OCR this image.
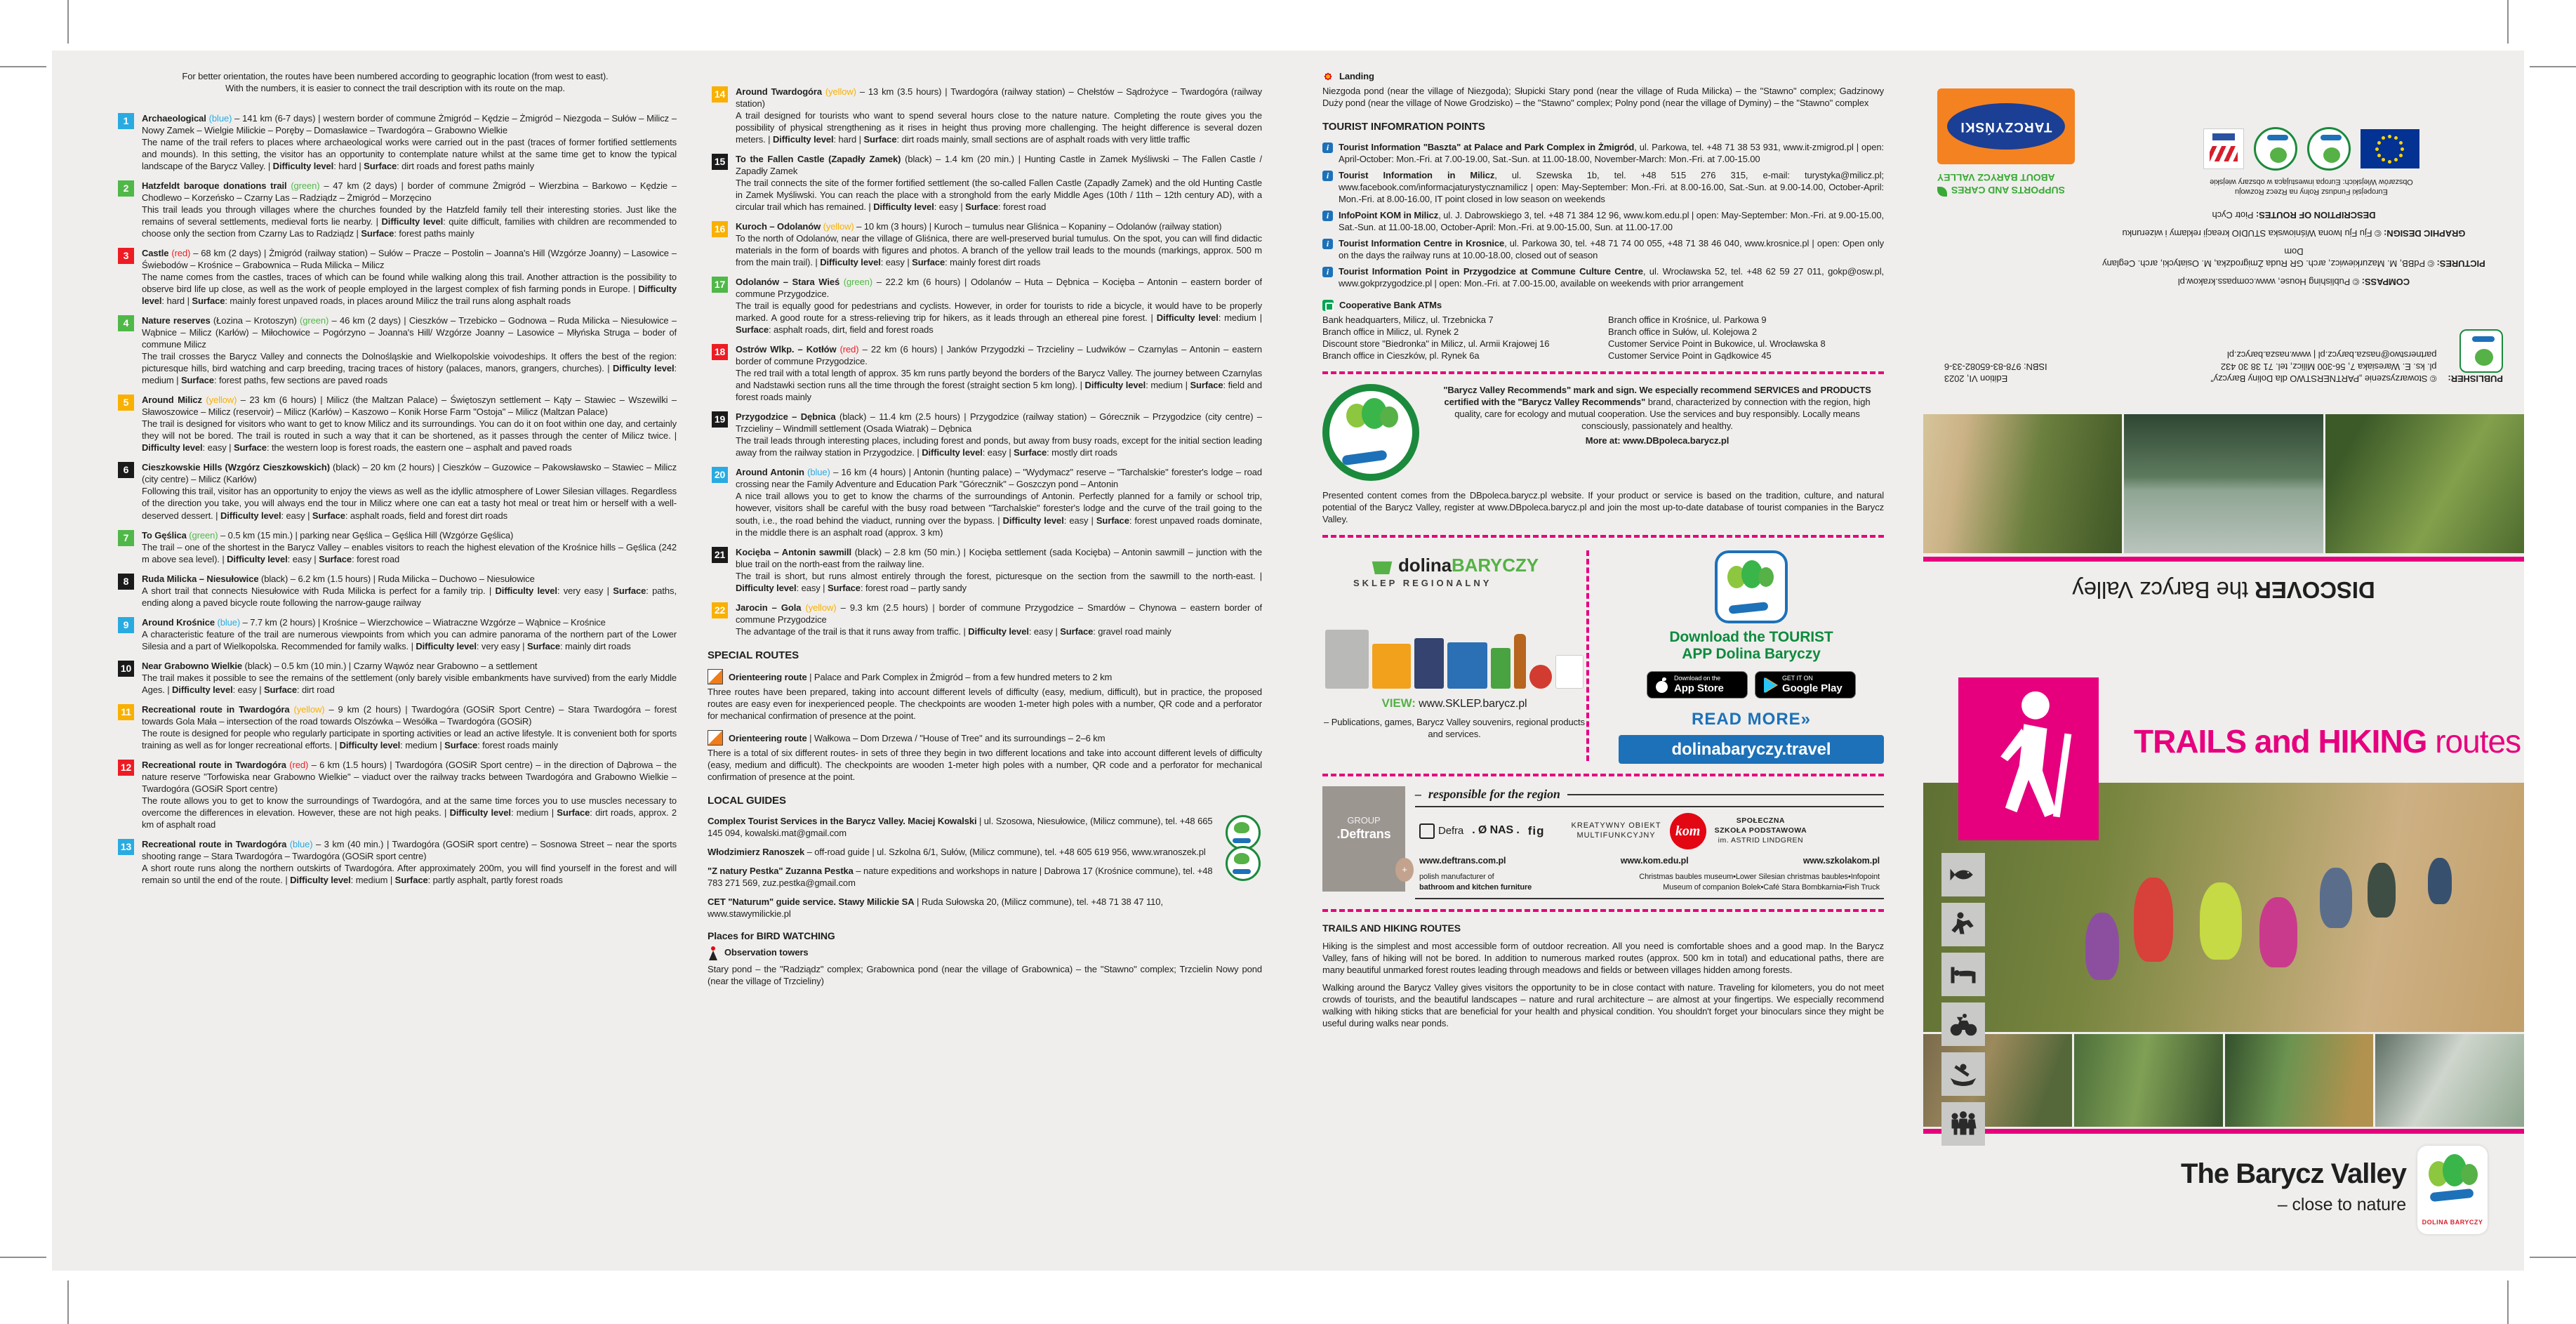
For better orientation, the routes have been numbered according to geographic location (from west to east).
With the numbers, it is easier to connect the trail description with its route on the map.
1	Archaeological (blue) – 141 km (6-7 days) | western border of commune Żmigród – Kędzie – Żmigród – Niezgoda – Sułów – Milicz – Nowy Zamek – Wielgie Milickie – Poręby – Domasławice – Twardogóra – Grabowno Wielkie
The name of the trail refers to places where archaeological works were carried out in the past (traces of former fortified settlements and mounds). In this setting, the visitor has an opportunity to contemplate nature whilst at the same time get to know the typical landscape of the Barycz Valley. | Difficulty level: hard | Surface: dirt roads and forest paths mainly
2	Hatzfeldt baroque donations trail (green) – 47 km (2 days) | border of commune Żmigród – Wierzbina – Barkowo – Kędzie – Chodlewo – Korzeńsko – Czarny Las – Radziądz – Żmigród – Morzęcino
This trail leads you through villages where the churches founded by the Hatzfeld family tell their interesting stories. Just like the remains of several settlements, medieval forts lie nearby. | Difficulty level: quite difficult, families with children are recommended to choose only the section from Czarny Las to Radziądz | Surface: forest paths mainly
3	Castle (red) – 68 km (2 days) | Żmigród (railway station) – Sułów – Pracze – Postolin – Joanna's Hill (Wzgórze Joanny) – Lasowice – Świebodów – Krośnice – Grabownica – Ruda Milicka – Milicz
The name comes from the castles, traces of which can be found while walking along this trail. Another attraction is the possibility to observe bird life up close, as well as the work of people employed in the largest complex of fish farming ponds in Europe. | Difficulty level: hard | Surface: mainly forest unpaved roads, in places around Milicz the trail runs along asphalt roads
4	Nature reserves (Łozina – Krotoszyn) (green) – 46 km (2 days) | Cieszków – Trzebicko – Godnowa – Ruda Milicka – Niesułowice – Wąbnice – Milicz (Karłów) – Miłochowice – Pogórzyno – Joanna's Hill/ Wzgórze Joanny – Lasowice – Młyńska Struga – boder of commune Milicz
The trail crosses the Barycz Valley and connects the Dolnośląskie and Wielkopolskie voivodeships. It offers the best of the region: picturesque hills, bird watching and carp breeding, tracing traces of history (palaces, manors, grangers, churches). | Difficulty level: medium | Surface: forest paths, few sections are paved roads
5	Around Milicz (yellow) – 23 km (6 hours) | Milicz (the Maltzan Palace) – Świętoszyn settlement – Kąty – Stawiec – Wszewilki – Sławoszowice – Milicz (reservoir) – Milicz (Karłów) – Kaszowo – Konik Horse Farm "Ostoja" – Milicz (Maltzan Palace)
The trail is designed for visitors who want to get to know Milicz and its surroundings. You can do it on foot within one day, and certainly they will not be bored. The trail is routed in such a way that it can be shortened, as it passes through the center of Milicz twice. | Difficulty level: easy | Surface: the western loop is forest roads, the eastern one – asphalt and paved roads
6	Cieszkowskie Hills (Wzgórz Cieszkowskich) (black) – 20 km (2 hours) | Cieszków – Guzowice – Pakowsławsko – Stawiec – Milicz (city centre) – Milicz (Karłów)
Following this trail, visitor has an opportunity to enjoy the views as well as the idyllic atmosphere of Lower Silesian villages. Regardless of the direction you take, you will always end the tour in Milicz where one can eat a tasty hot meal or treat him or herself with a well-deserved dessert. | Difficulty level: easy | Surface: asphalt roads, field and forest dirt roads
7	To Gęślica (green) – 0.5 km (15 min.) | parking near Gęślica – Gęślica Hill (Wzgórze Gęślica)
The trail – one of the shortest in the Barycz Valley – enables visitors to reach the highest elevation of the Krośnice hills – Gęślica (242 m above sea level). | Difficulty level: easy | Surface: forest road
8	Ruda Milicka – Niesułowice (black) – 6.2 km (1.5 hours) | Ruda Milicka – Duchowo – Niesułowice
A short trail that connects Niesułowice with Ruda Milicka is perfect for a family trip. | Difficulty level: very easy | Surface: paths, ending along a paved bicycle route following the narrow-gauge railway
9	Around Krośnice (blue) – 7.7 km (2 hours) | Krośnice – Wierzchowice – Wiatraczne Wzgórze – Wąbnice – Krośnice
A characteristic feature of the trail are numerous viewpoints from which you can admire panorama of the northern part of the Lower Silesia and a part of Wielkopolska. Recommended for family walks. | Difficulty level: very easy | Surface: mainly dirt roads
10 Near Grabowno Wielkie (black) – 0.5 km (10 min.) | Czarny Wąwóz near Grabowno – a settlement
The trail makes it possible to see the remains of the settlement (only barely visible embankments have survived) from the early Middle Ages. | Difficulty level: easy | Surface: dirt road
11	Recreational route in Twardogóra (yellow) – 9 km (2 hours) | Twardogóra (GOSiR Sport Centre) – Stara Twardogóra – forest towards Gola Mała – intersection of the road towards Olszówka – Wesółka – Twardogóra (GOSiR)
The route is designed for people who regularly participate in sporting activities or lead an active lifestyle. It is convenient both for sports training as well as for longer recreational efforts. | Difficulty level: medium | Surface: forest roads mainly
12 Recreational route in Twardogóra (red) – 6 km (1.5 hours) | Twardogóra (GOSiR Sport centre) – in the direction of Dąbrowa – the nature reserve "Torfowiska near Grabowno Wielkie" – viaduct over the railway tracks between Twardogóra and Grabowno Wielkie – Twardogóra (GOSiR Sport centre)
The route allows you to get to know the surroundings of Twardogóra, and at the same time forces you to use muscles necessary to overcome the differences in elevation. However, these are not high peaks. | Difficulty level: medium | Surface: dirt roads, approx. 2 km of asphalt road
13 Recreational route in Twardogóra (blue) – 3 km (40 min.) | Twardogóra (GOSiR sport centre) – Sosnowa Street – near the sports shooting range – Stara Twardogóra – Twardogóra (GOSiR sport centre)
A short route runs along the northern outskirts of Twardogóra. After approximately 200m, you will find yourself in the forest and will remain so until the end of the route. | Difficulty level: medium | Surface: partly asphalt, partly forest roads
14 Around Twardogóra (yellow) – 13 km (3.5 hours) | Twardogóra (railway station) – Chełstów – Sądrożyce – Twardogóra (railway station)
A trail designed for tourists who want to spend several hours close to the nature nature. Completing the route gives you the possibility of physical strengthening as it rises in height thus proving more challenging. The height difference is several dozen meters. | Difficulty level: hard | Surface: dirt roads mainly, small sections are of asphalt roads with very little traffic
15 To the Fallen Castle (Zapadły Zamek) (black) – 1.4 km (20 min.) | Hunting Castle in Zamek Myśliwski – The Fallen Castle / Zapadły Zamek
The trail connects the site of the former fortified settlement (the so-called Fallen Castle (Zapadły Zamek) and the old Hunting Castle in Zamek Myśliwski. You can reach the place with a stronghold from the early Middle Ages (10th / 11th – 12th century AD), with a circular trail which has remained. | Difficulty level: easy | Surface: forest road
16 Kuroch – Odolanów (yellow) – 10 km (3 hours) | Kuroch – tumulus near Gliśnica – Kopaniny – Odolanów (railway station)
To the north of Odolanów, near the village of Gliśnica, there are well-preserved burial tumulus. On the spot, you can will find didactic materials in the form of boards with figures and photos. A branch of the yellow trail leads to the mounds (markings, approx. 500 m from the main trail). | Difficulty level: easy | Surface: mainly forest dirt roads
17 Odolanów – Stara Wieś (green) – 22.2 km (6 hours) | Odolanów – Huta – Dębnica – Kocięba – Antonin – eastern border of commune Przygodzice.
The trail is equally good for pedestrians and cyclists. However, in order for tourists to ride a bicycle, it would have to be properly marked. A good route for a stress-relieving trip for hikers, as it leads through an ethereal pine forest. | Difficulty level: medium | Surface: asphalt roads, dirt, field and forest roads
18 Ostrów Wlkp. – Kotłów (red) – 22 km (6 hours) | Janków Przygodzki – Trzcieliny – Ludwików – Czarnylas – Antonin – eastern border of commune Przygodzice.
The red trail with a total length of approx. 35 km runs partly beyond the borders of the Barycz Valley. The journey between Czarnylas and Nadstawki section runs all the time through the forest (straight section 5 km long). | Difficulty level: medium | Surface: field and forest roads mainly
19 Przygodzice – Dębnica (black) – 11.4 km (2.5 hours) | Przygodzice (railway station) – Górecznik – Przygodzice (city centre) – Trzcieliny – Windmill settlement (Osada Wiatrak) – Dębnica
The trail leads through interesting places, including forest and ponds, but away from busy roads, except for the initial section leading away from the railway station in Przygodzice. | Difficulty level: easy | Surface: mostly dirt roads
20 Around Antonin (blue) – 16 km (4 hours) | Antonin (hunting palace) – "Wydymacz" reserve – "Tarchalskie" forester's lodge – road crossing near the Family Adventure and Education Park "Górecznik" – Goszczyn pond – Antonin
A nice trail allows you to get to know the charms of the surroundings of Antonin. Perfectly planned for a family or school trip, however, visitors shall be careful with the busy road between "Tarchalskie" forester's lodge and the curve of the trail going to the south, i.e., the road behind the viaduct, running over the bypass. | Difficulty level: easy | Surface: forest unpaved roads dominate, in the middle there is an asphalt road (approx. 3 km)
21 Kocięba – Antonin sawmill (black) – 2.8 km (50 min.) | Kocięba settlement (sada Kocięba) – Antonin sawmill – junction with the blue trail on the north-east from the railway line.
The trail is short, but runs almost entirely through the forest, picturesque on the section from the sawmill to the north-east. | Difficulty level: easy | Surface: forest road – partly sandy
22 Jarocin – Gola (yellow) – 9.3 km (2.5 hours) | border of commune Przygodzice – Smardów – Chynowa – eastern border of commune Przygodzice
The advantage of the trail is that it runs away from traffic. | Difficulty level: easy | Surface: gravel road mainly
SPECIAL ROUTES
Orienteering route | Palace and Park Complex in Żmigród – from a few hundred meters to 2 km
Three routes have been prepared, taking into account different levels of difficulty (easy, medium, difficult), but in practice, the proposed routes are easy even for inexperienced people. The checkpoints are wooden 1-meter high poles with a number, QR code and a perforator for mechanical confirmation of presence at the point.
Orienteering route | Wałkowa – Dom Drzewa / "House of Tree" and its surroundings – 2–6 km
There is a total of six different routes- in sets of three they begin in two different locations and take into account different levels of difficulty (easy, medium and difficult). The checkpoints are wooden 1-meter high poles with a number, QR code and a perforator for mechanical confirmation of presence at the point.
LOCAL GUIDES
Complex Tourist Services in the Barycz Valley. Maciej Kowalski | ul. Szosowa, Niesułowice, (Milicz commune), tel. +48 665 145 094, kowalski.mat@gmail.com
Włodzimierz Ranoszek – off-road guide | ul. Szkolna 6/1, Sułów, (Milicz commune), tel. +48 605 619 956, www.wranoszek.pl
"Z natury Pestka" Zuzanna Pestka – nature expeditions and workshops in nature | Dabrowa 17 (Krośnice commune), tel. +48 783 271 569, zuz.pestka@gmail.com
CET "Naturum" guide service. Stawy Milickie SA | Ruda Sułowska 20, (Milicz commune), tel. +48 71 38 47 110, www.stawymilickie.pl
Places for BIRD WATCHING
Observation towers
Stary pond – the "Radziądz" complex; Grabownica pond (near the village of Grabownica) – the "Stawno" complex; Trzcielin Nowy pond (near the village of Trzcieliny)
Landing
Niezgoda pond (near the village of Niezgoda); Słupicki Stary pond (near the village of Ruda Milicka) – the "Stawno" complex; Gadzinowy Duży pond (near the village of Nowe Grodzisko) – the "Stawno" complex; Polny pond (near the village of Dyminy) – the "Stawno" complex
TOURIST INFOMRATION POINTS
i	Tourist Information "Baszta" at Palace and Park Complex in Żmigród, ul. Parkowa, tel. +48 71 38 53 931, www.it-zmigrod.pl | open: April-October: Mon.-Fri. at 7.00-19.00, Sat.-Sun. at 11.00-18.00, November-March: Mon.-Fri. at 7.00-15.00
i	Tourist Information in Milicz, ul. Szewska 1b, tel. +48 515 276 315, e-mail: turystyka@milicz.pl; www.facebook.com/informacjaturystycznamilicz | open: May-September: Mon.-Fri. at 8.00-16.00, Sat.-Sun. at 9.00-14.00, October-April: Mon.-Fri. at 8.00-16.00, IT point closed in low season on weekends
i	InfoPoint KOM in Milicz, ul. J. Dabrowskiego 3, tel. +48 71 384 12 96, www.kom.edu.pl | open: May-September: Mon.-Fri. at 9.00-15.00, Sat.-Sun. at 11.00-18.00, October-April: Mon.-Fri. at 9.00-15.00, Sun. at 11.00-17.00
i	Tourist Information Centre in Krosnice, ul. Parkowa 30, tel. +48 71 74 00 055, +48 71 38 46 040, www.krosnice.pl | open: Open only on the days the railway runs at 10.00-18.00, closed out of season
i	Tourist Information Point in Przygodzice at Commune Culture Centre, ul. Wrocławska 52, tel. +48 62 59 27 011, gokp@osw.pl, www.gokprzygodzice.pl | open: Mon.-Fri. at 7.00-15.00, available on weekends with prior arrangement
Cooperative Bank ATMs
Bank headquarters, Milicz, ul. Trzebnicka 7
Branch office in Milicz, ul. Rynek 2
Discount store "Biedronka" in Milicz, ul. Armii Krajowej 16
Branch office in Cieszków, pl. Rynek 6a
Branch office in Krośnice, ul. Parkowa 9
Branch office in Sułów, ul. Kolejowa 2
Customer Service Point in Bukowice, ul. Wrocławska 8
Customer Service Point in Gądkowice 45
"Barycz Valley Recommends" mark and sign. We especially recommend SERVICES and PRODUCTS certified with the "Barycz Valley Recommends" brand, characterized by connection with the region, high quality, care for ecology and mutual cooperation. Use the services and buy responsibly. Locally means consciously, passionately and healthy.
More at: www.DBpoleca.barycz.pl
Presented content comes from the DBpoleca.barycz.pl website. If your product or service is based on the tradition, culture, and natural potential of the Barycz Valley, register at www.DBpoleca.barycz.pl and join the most up-to-date database of tourist companies in the Barycz Valley.
dolinaBARYCZY
SKLEP REGIONALNY
VIEW: www.SKLEP.barycz.pl
– Publications, games, Barycz Valley souvenirs, regional products and services.
Download the TOURIST
APP Dolina Baryczy
Download on the
App Store
GET IT ON
Google Play
READ MORE»
dolinabaryczy.travel
GROUP
.Deftrans
+
– responsible for the region
Defra . Ø NAS . fig	KREATYWNY OBIEKT
MULTIFUNKCYJNY	kom
SPOŁECZNA
SZKOŁA PODSTAWOWA
im. ASTRID LINDGREN
www.deftrans.com.pl	www.kom.edu.pl	www.szkolakom.pl
polish manufacturer of
bathroom and kitchen furniture
Christmas baubles museum•Lower Silesian christmas baubles•Infopoint
Museum of companion Bolek•Café Stara Bombkarnia•Fish Truck
TRAILS AND HIKING ROUTES
Hiking is the simplest and most accessible form of outdoor recreation. All you need is comfortable shoes and a good map. In the Barycz Valley, fans of hiking will not be bored. In addition to numerous marked routes (approx. 500 km in total) and educational paths, there are many beautiful unmarked forest routes leading through meadows and fields or between villages hidden among forests.
Walking around the Barycz Valley gives visitors the opportunity to be in close contact with nature. Traveling for kilometers, you do not meet crowds of tourists, and the beautiful landscapes – nature and rural architecture – are almost at your fingertips. We especially recommend walking with hiking sticks that are beneficial for your health and physical condition. You shouldn't forget your binoculars since they might be useful during walks near ponds.
DISCOVER the Barycz Valley
PUBLISHER:
© Stowarzyszenie „PARTNERSTWO dla Doliny Baryczy”
pl. ks. E. Waresiaka 7, 56-300 Milicz, tel. 71 38 30 432
partnerstwo@nasza.barycz.pl | www.nasza.barycz.pl
Edition VI, 2023
ISBN: 978-83-65082-33-6
COMPASS: © Publishing House, www.compass.krakow.pl
PICTURES: © PdBB, M. Mazurkiewicz, arch. GR Ruda Żmigrodzka, M. Osiatycki, arch. Ceglany Dom
GRAPHIC DESIGN: © Fju Fju Iwona Wiśniowska STUDIO kreacji reklamy i wizerunku
DESCRIPTION OF ROUTES: Piotr Cych
Europejski Fundusz Rolny na Rzecz Rozwoju
Obszarów Wiejskich: Europa inwestująca w obszary wiejskie
SUPPORTS AND CARES
ABOUT BARYCZ VALLEY
TARCZYŃSKI
TRAILS and HIKING routes
The Barycz Valley
– close to nature
DOLINA BARYCZY
